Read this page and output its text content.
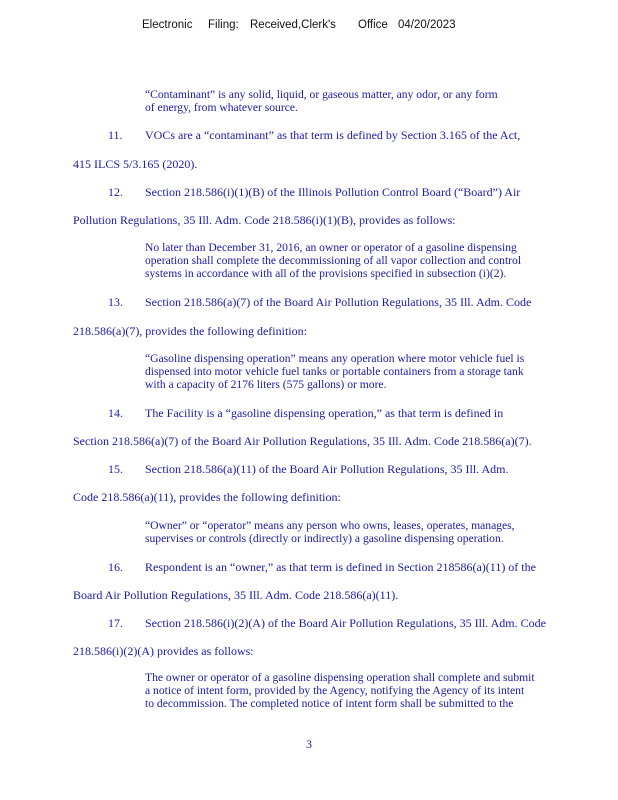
Electronic Filing: Received,Clerk's Office 04/20/2023
“Contaminant” is any solid, liquid, or gaseous matter, any odor, or any form
of energy, from whatever source.
11. VOCs are a “contaminant” as that term is defined by Section 3.165 of the Act,
415 ILCS 5/3.165 (2020).
12. Section 218.586(i)(1)(B) of the Illinois Pollution Control Board (“Board”) Air
Pollution Regulations, 35 Ill. Adm. Code 218.586(i)(1)(B), provides as follows:
No later than December 31, 2016, an owner or operator of a gasoline dispensing
operation shall complete the decommissioning of all vapor collection and control
systems in accordance with all of the provisions specified in subsection (i)(2).
13. Section 218.586(a)(7) of the Board Air Pollution Regulations, 35 Ill. Adm. Code
218.586(a)(7), provides the following definition:
“Gasoline dispensing operation” means any operation where motor vehicle fuel is
dispensed into motor vehicle fuel tanks or portable containers from a storage tank
with a capacity of 2176 liters (575 gallons) or more.
14. The Facility is a “gasoline dispensing operation,” as that term is defined in
Section 218.586(a)(7) of the Board Air Pollution Regulations, 35 Ill. Adm. Code 218.586(a)(7).
15. Section 218.586(a)(11) of the Board Air Pollution Regulations, 35 Ill. Adm.
Code 218.586(a)(11), provides the following definition:
“Owner” or “operator” means any person who owns, leases, operates, manages,
supervises or controls (directly or indirectly) a gasoline dispensing operation.
16. Respondent is an “owner,” as that term is defined in Section 218586(a)(11) of the
Board Air Pollution Regulations, 35 Ill. Adm. Code 218.586(a)(11).
17. Section 218.586(i)(2)(A) of the Board Air Pollution Regulations, 35 Ill. Adm. Code
218.586(i)(2)(A) provides as follows:
The owner or operator of a gasoline dispensing operation shall complete and submit
a notice of intent form, provided by the Agency, notifying the Agency of its intent
to decommission. The completed notice of intent form shall be submitted to the
3
